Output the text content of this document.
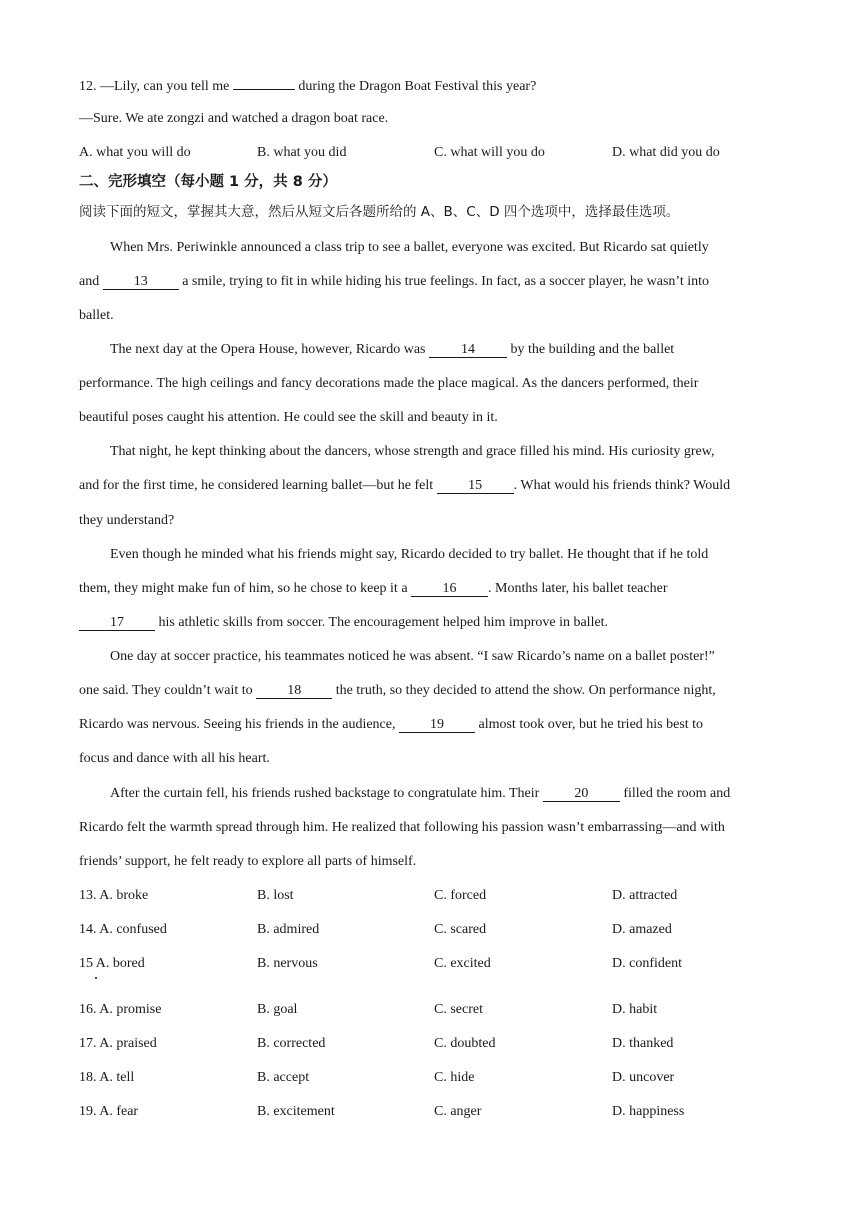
12. —Lily, can you tell me	during the Dragon Boat Festival this year?
—Sure. We ate zongzi and watched a dragon boat race.
A. what you will do	B. what you did	C. what will you do	D. what did you do
二、完形填空（每小题 1 分，共 8 分）
阅读下面的短文，掌握其大意，然后从短文后各题所给的 A、B、C、D 四个选项中，选择最佳选项。
When Mrs. Periwinkle announced a class trip to see a ballet, everyone was excited. But Ricardo sat quietly
and 13 a smile, trying to fit in while hiding his true feelings. In fact, as a soccer player, he wasn’t into
ballet.
The next day at the Opera House, however, Ricardo was 14 by the building and the ballet
performance. The high ceilings and fancy decorations made the place magical. As the dancers performed, their
beautiful poses caught his attention. He could see the skill and beauty in it.
That night, he kept thinking about the dancers, whose strength and grace filled his mind. His curiosity grew,
and for the first time, he considered learning ballet—but he felt 15 . What would his friends think? Would
they understand?
Even though he minded what his friends might say, Ricardo decided to try ballet. He thought that if he told
them, they might make fun of him, so he chose to keep it a 16 . Months later, his ballet teacher
17 his athletic skills from soccer. The encouragement helped him improve in ballet.
One day at soccer practice, his teammates noticed he was absent. “I saw Ricardo’s name on a ballet poster!”
one said. They couldn’t wait to 18 the truth, so they decided to attend the show. On performance night,
Ricardo was nervous. Seeing his friends in the audience, 19 almost took over, but he tried his best to
focus and dance with all his heart.
After the curtain fell, his friends rushed backstage to congratulate him. Their 20 filled the room and
Ricardo felt the warmth spread through him. He realized that following his passion wasn’t embarrassing—and with
friends’ support, he felt ready to explore all parts of himself.
13. A. broke	B. lost	C. forced	D. attracted
14. A. confused	B. admired	C. scared	D. amazed
15 A. bored	B. nervous	C. excited	D. confident
16. A. promise	B. goal	C. secret	D. habit
17. A. praised	B. corrected	C. doubted	D. thanked
18. A. tell	B. accept	C. hide	D. uncover
19. A. fear	B. excitement	C. anger	D. happiness
